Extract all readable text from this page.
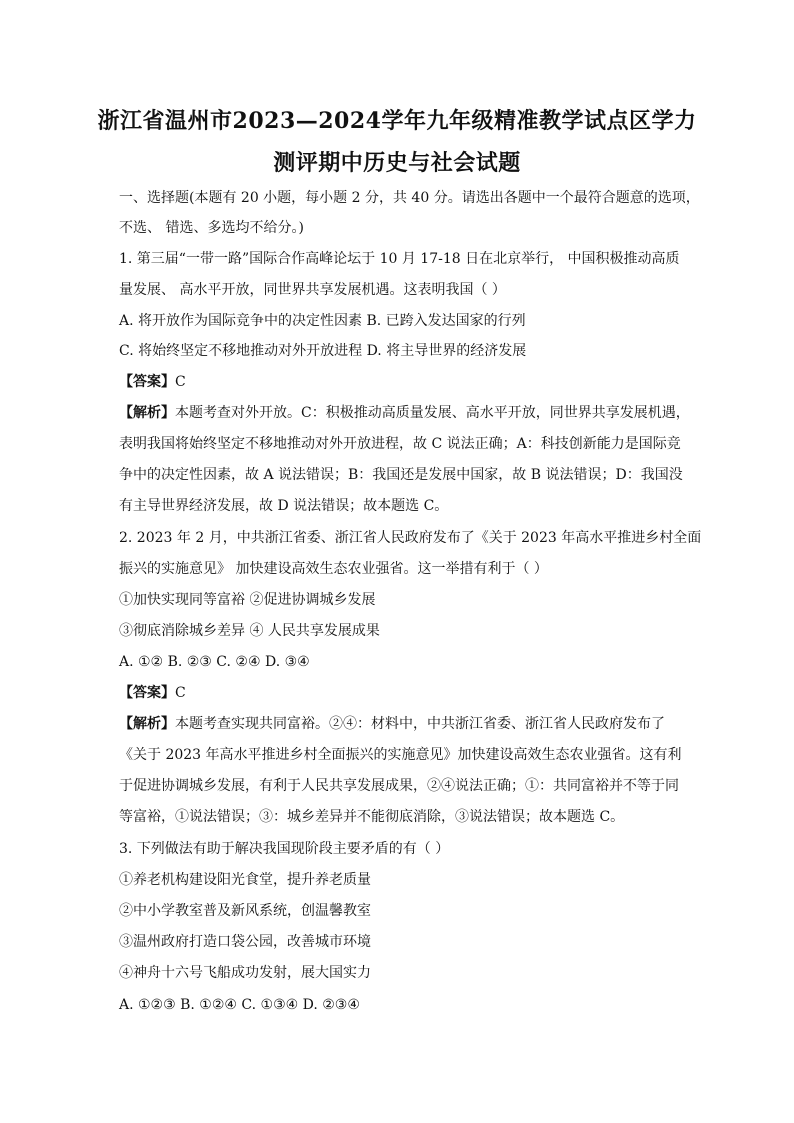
浙江省温州市2023—2024学年九年级精准教学试点区学力
测评期中历史与社会试题
一、选择题(本题有 20 小题，每小题 2 分，共 40 分。请选出各题中一个最符合题意的选项，
不选、 错选、多选均不给分。)
1. 第三届“一带一路”国际合作高峰论坛于 10 月 17-18 日在北京举行， 中国积极推动高质
量发展、 高水平开放，同世界共享发展机遇。这表明我国（ ）
A. 将开放作为国际竞争中的决定性因素 B. 已跨入发达国家的行列
C. 将始终坚定不移地推动对外开放进程 D. 将主导世界的经济发展
【答案】C
【解析】本题考查对外开放。C：积极推动高质量发展、高水平开放，同世界共享发展机遇，
表明我国将始终坚定不移地推动对外开放进程，故 C 说法正确；A：科技创新能力是国际竞
争中的决定性因素，故 A 说法错误；B：我国还是发展中国家，故 B 说法错误；D：我国没
有主导世界经济发展，故 D 说法错误；故本题选 C。
2. 2023 年 2 月，中共浙江省委、浙江省人民政府发布了《关于 2023 年高水平推进乡村全面
振兴的实施意见》 加快建设高效生态农业强省。这一举措有利于（ ）
①加快实现同等富裕 ②促进协调城乡发展
③彻底消除城乡差异 ④ 人民共享发展成果
A. ①② B. ②③ C. ②④ D. ③④
【答案】C
【解析】本题考查实现共同富裕。②④：材料中，中共浙江省委、浙江省人民政府发布了
《关于 2023 年高水平推进乡村全面振兴的实施意见》加快建设高效生态农业强省。这有利
于促进协调城乡发展，有利于人民共享发展成果，②④说法正确；①：共同富裕并不等于同
等富裕，①说法错误；③：城乡差异并不能彻底消除，③说法错误；故本题选 C。
3. 下列做法有助于解决我国现阶段主要矛盾的有（ ）
①养老机构建设阳光食堂，提升养老质量
②中小学教室普及新风系统，创温馨教室
③温州政府打造口袋公园，改善城市环境
④神舟十六号飞船成功发射，展大国实力
A. ①②③ B. ①②④ C. ①③④ D. ②③④
